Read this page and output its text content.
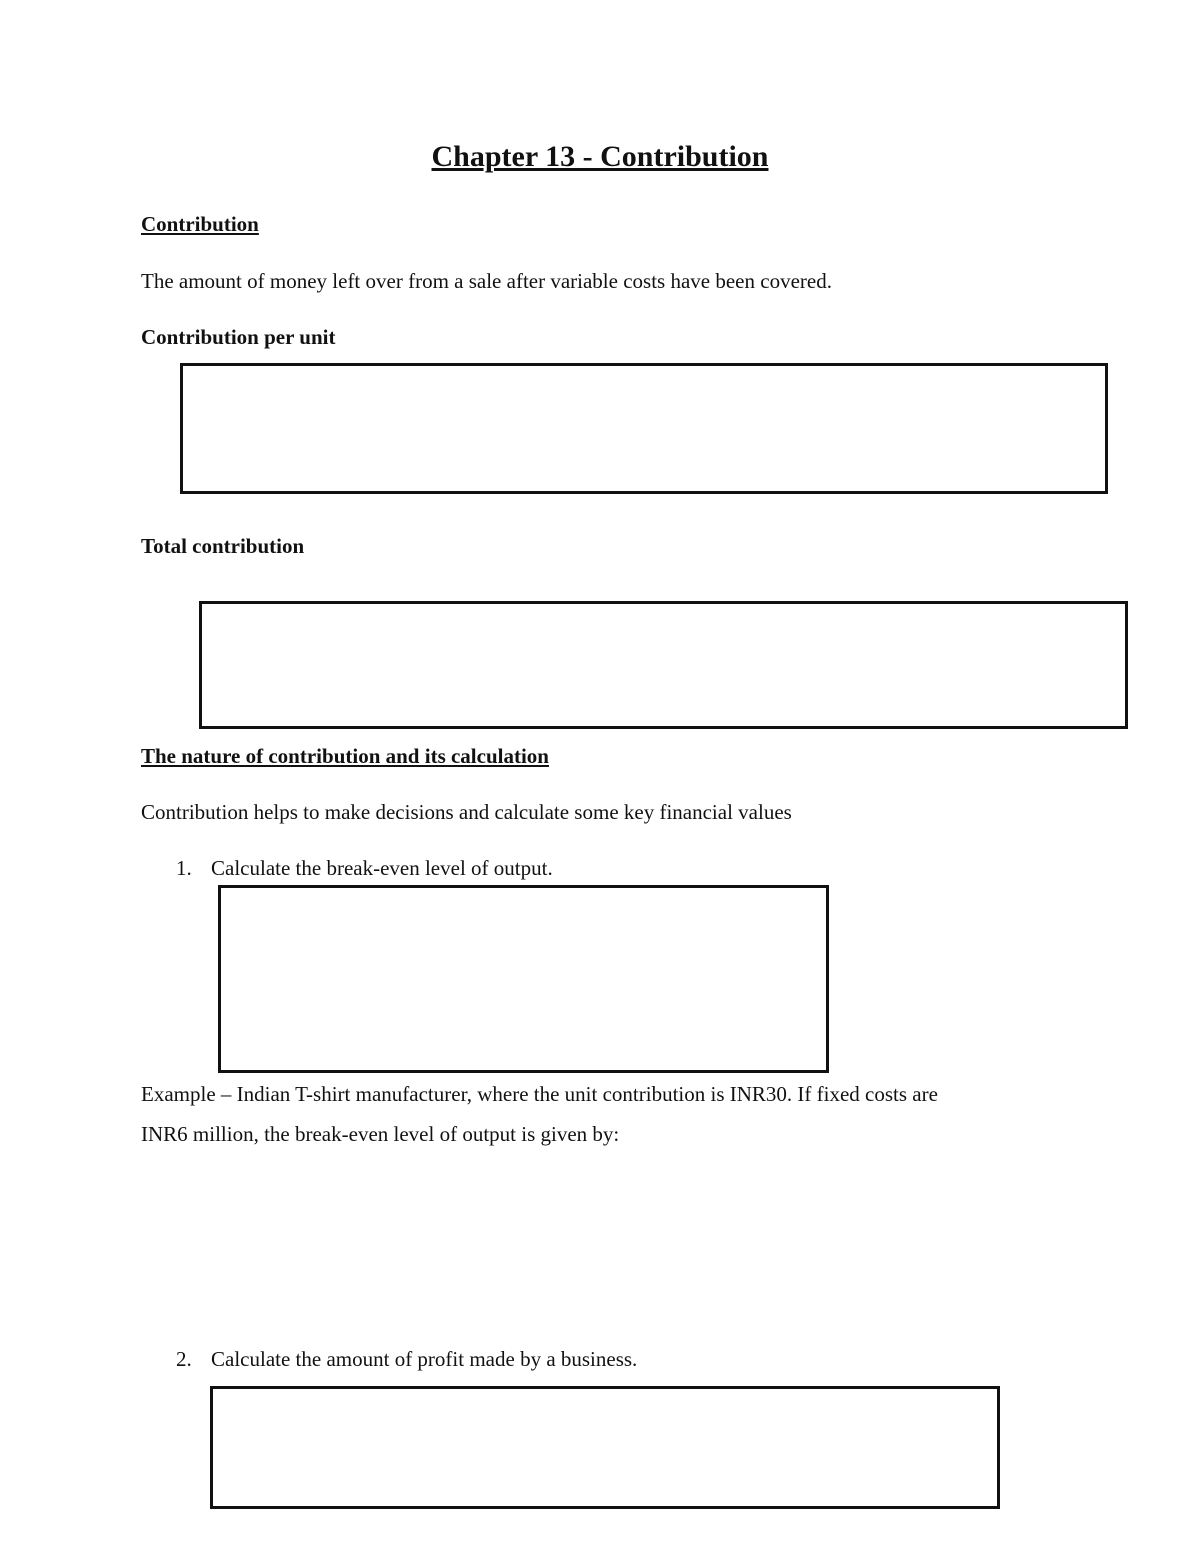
Chapter 13 - Contribution
Contribution
The amount of money left over from a sale after variable costs have been covered.
Contribution per unit
Total contribution
The nature of contribution and its calculation
Contribution helps to make decisions and calculate some key financial values
1. Calculate the break-even level of output.
Example – Indian T-shirt manufacturer, where the unit contribution is INR30. If fixed costs are
INR6 million, the break-even level of output is given by:
2. Calculate the amount of profit made by a business.
